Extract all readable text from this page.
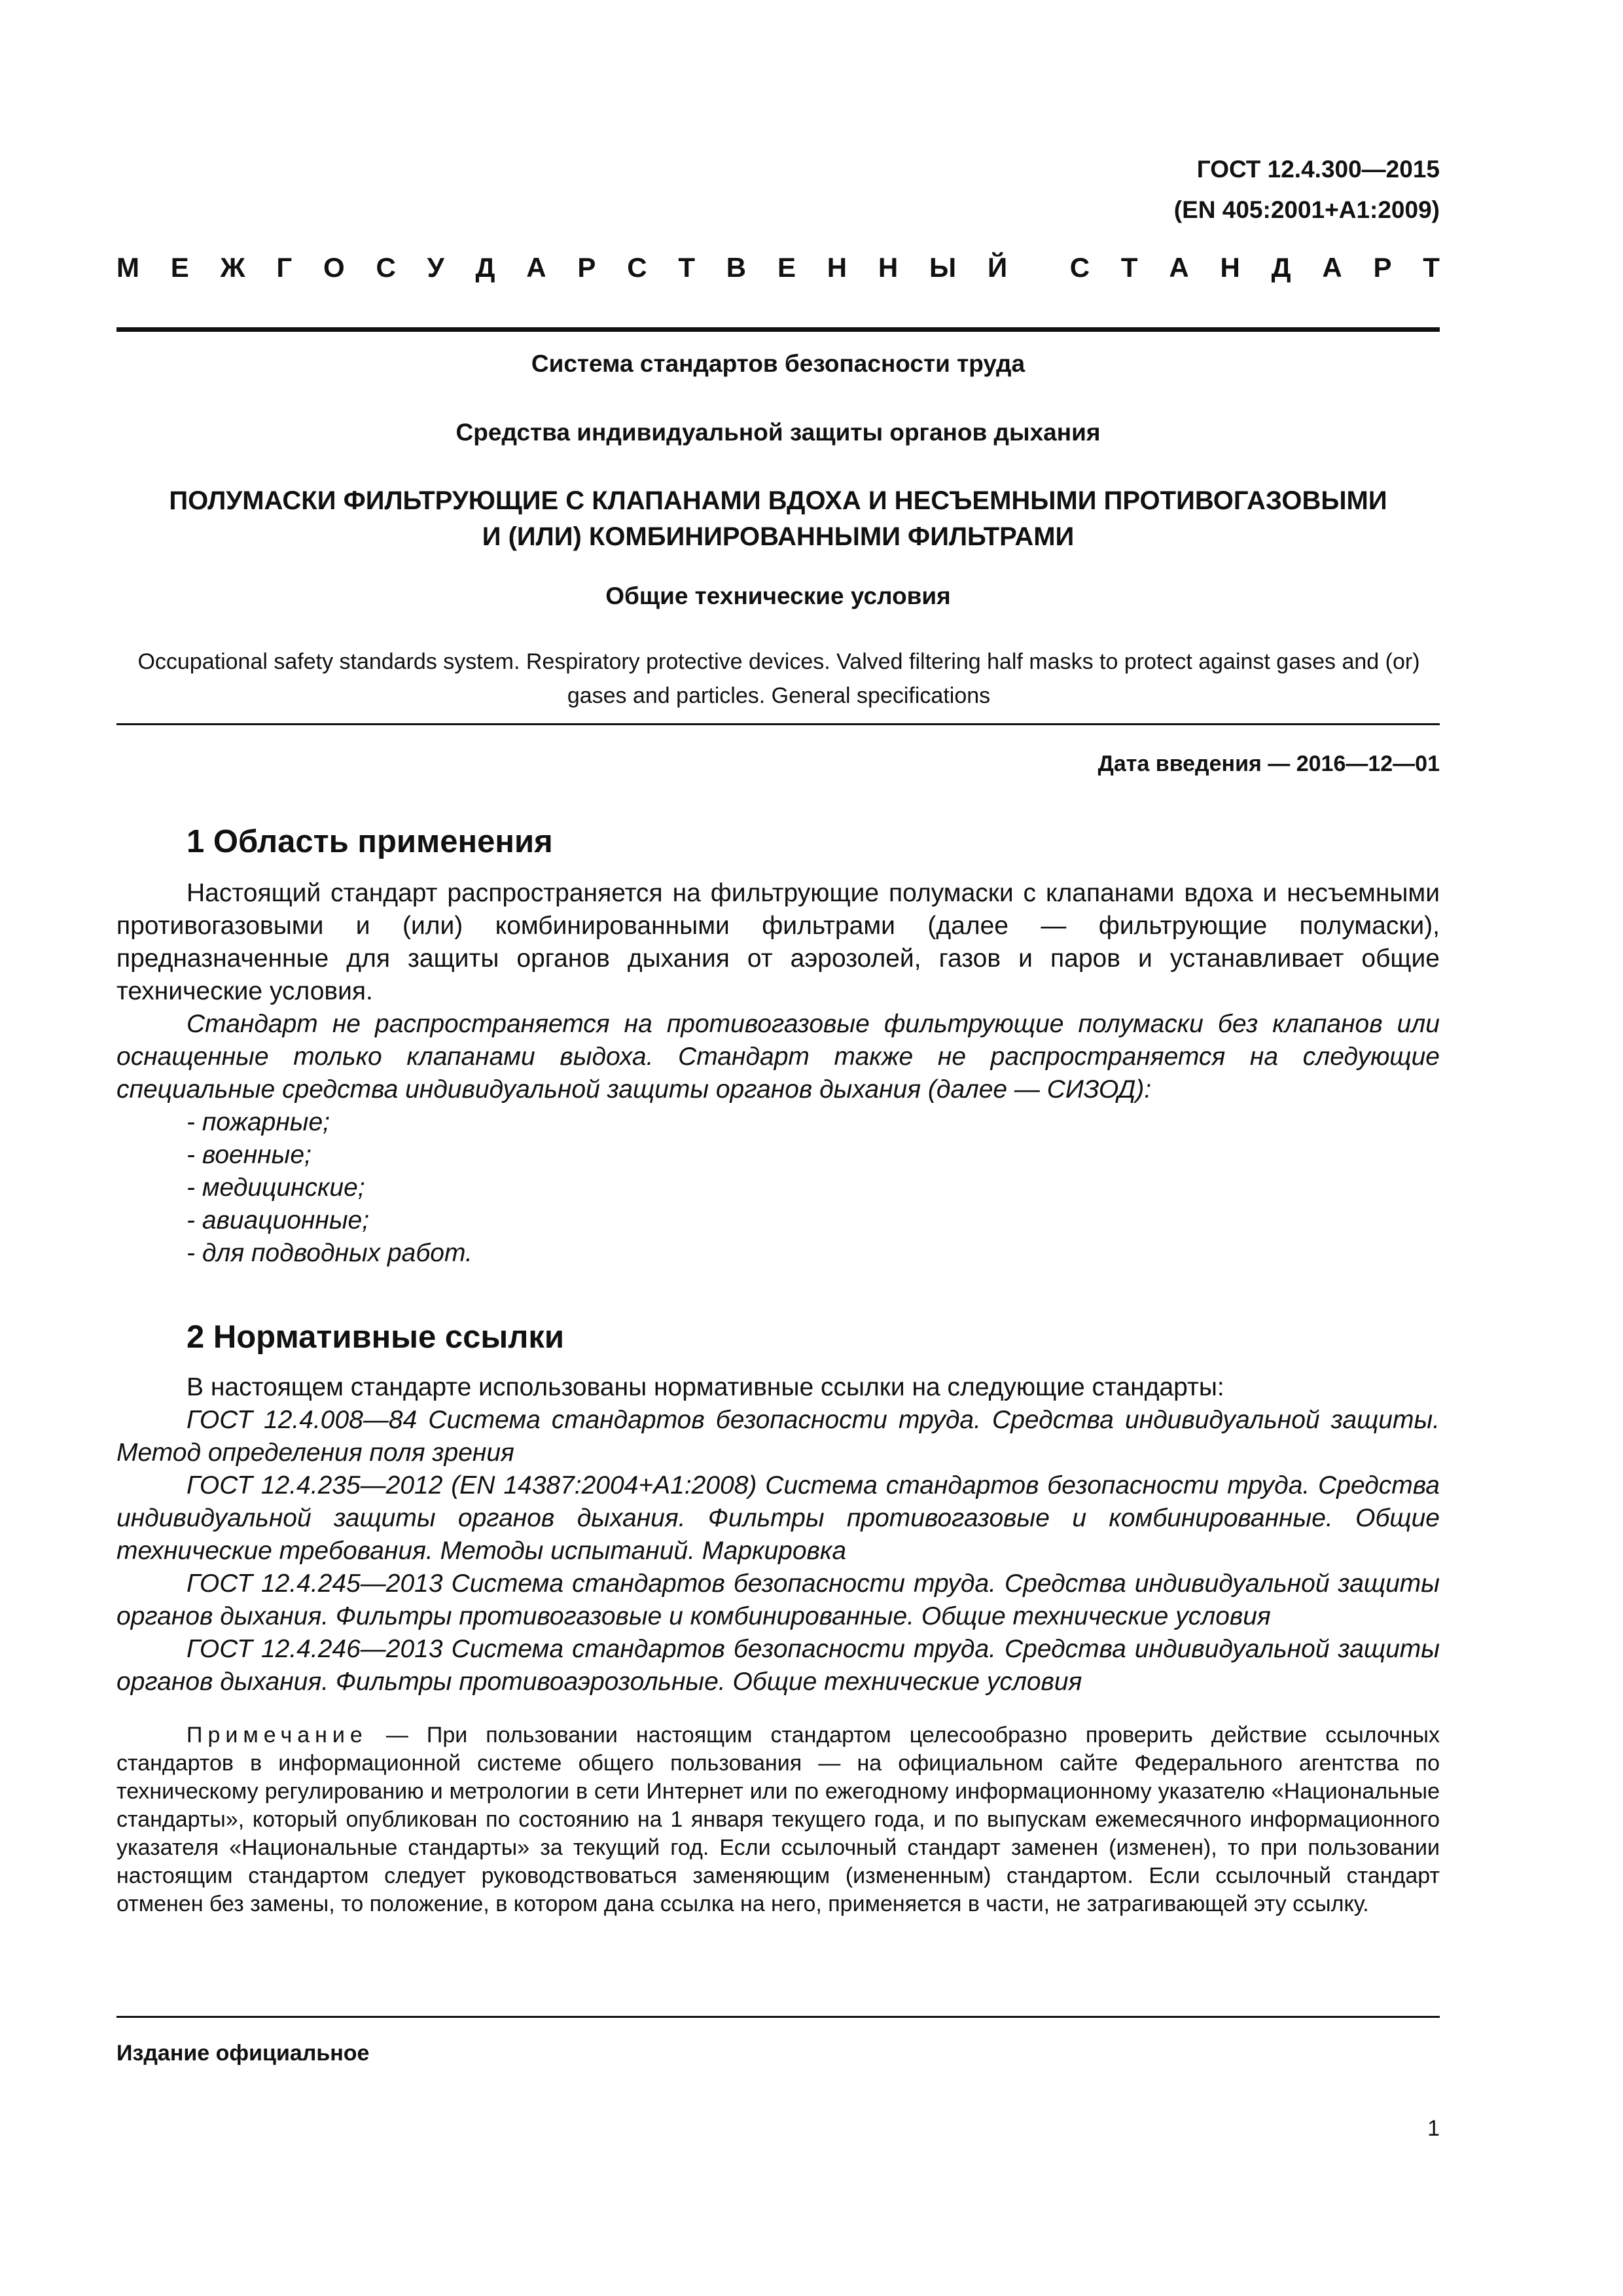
ГОСТ 12.4.300—2015
(EN 405:2001+A1:2009)
М Е Ж Г О С У Д А Р С Т В Е Н Н Ы Й С Т А Н Д А Р Т
Система стандартов безопасности труда
Средства индивидуальной защиты органов дыхания
ПОЛУМАСКИ ФИЛЬТРУЮЩИЕ С КЛАПАНАМИ ВДОХА И НЕСЪЕМНЫМИ ПРОТИВОГАЗОВЫМИ
И (ИЛИ) КОМБИНИРОВАННЫМИ ФИЛЬТРАМИ
Общие технические условия
Occupational safety standards system. Respiratory protective devices. Valved filtering half masks to protect against gases and (or) gases and particles. General specifications
Дата введения — 2016—12—01
1 Область применения

Настоящий стандарт распространяется на фильтрующие полумаски с клапанами вдоха и несъемными противогазовыми и (или) комбинированными фильтрами (далее — фильтрующие полумаски), предназначенные для защиты органов дыхания от аэрозолей, газов и паров и устанавливает общие технические условия.

Стандарт не распространяется на противогазовые фильтрующие полумаски без клапанов или оснащенные только клапанами выдоха. Стандарт также не распространяется на следующие специальные средства индивидуальной защиты органов дыхания (далее — СИЗОД):

- пожарные;
- военные;
- медицинские;
- авиационные;
- для подводных работ.
2 Нормативные ссылки

В настоящем стандарте использованы нормативные ссылки на следующие стандарты:

ГОСТ 12.4.008—84 Система стандартов безопасности труда. Средства индивидуальной защиты. Метод определения поля зрения

ГОСТ 12.4.235—2012 (EN 14387:2004+A1:2008) Система стандартов безопасности труда. Средства индивидуальной защиты органов дыхания. Фильтры противогазовые и комбинированные. Общие технические требования. Методы испытаний. Маркировка

ГОСТ 12.4.245—2013 Система стандартов безопасности труда. Средства индивидуальной защиты органов дыхания. Фильтры противогазовые и комбинированные. Общие технические условия

ГОСТ 12.4.246—2013 Система стандартов безопасности труда. Средства индивидуальной защиты органов дыхания. Фильтры противоаэрозольные. Общие технические условия

Примечание — При пользовании настоящим стандартом целесообразно проверить действие ссылочных стандартов в информационной системе общего пользования — на официальном сайте Федерального агентства по техническому регулированию и метрологии в сети Интернет или по ежегодному информационному указателю «Национальные стандарты», который опубликован по состоянию на 1 января текущего года, и по выпускам ежемесячного информационного указателя «Национальные стандарты» за текущий год. Если ссылочный стандарт заменен (изменен), то при пользовании настоящим стандартом следует руководствоваться заменяющим (измененным) стандартом. Если ссылочный стандарт отменен без замены, то положение, в котором дана ссылка на него, применяется в части, не затрагивающей эту ссылку.

Издание официальное
1
